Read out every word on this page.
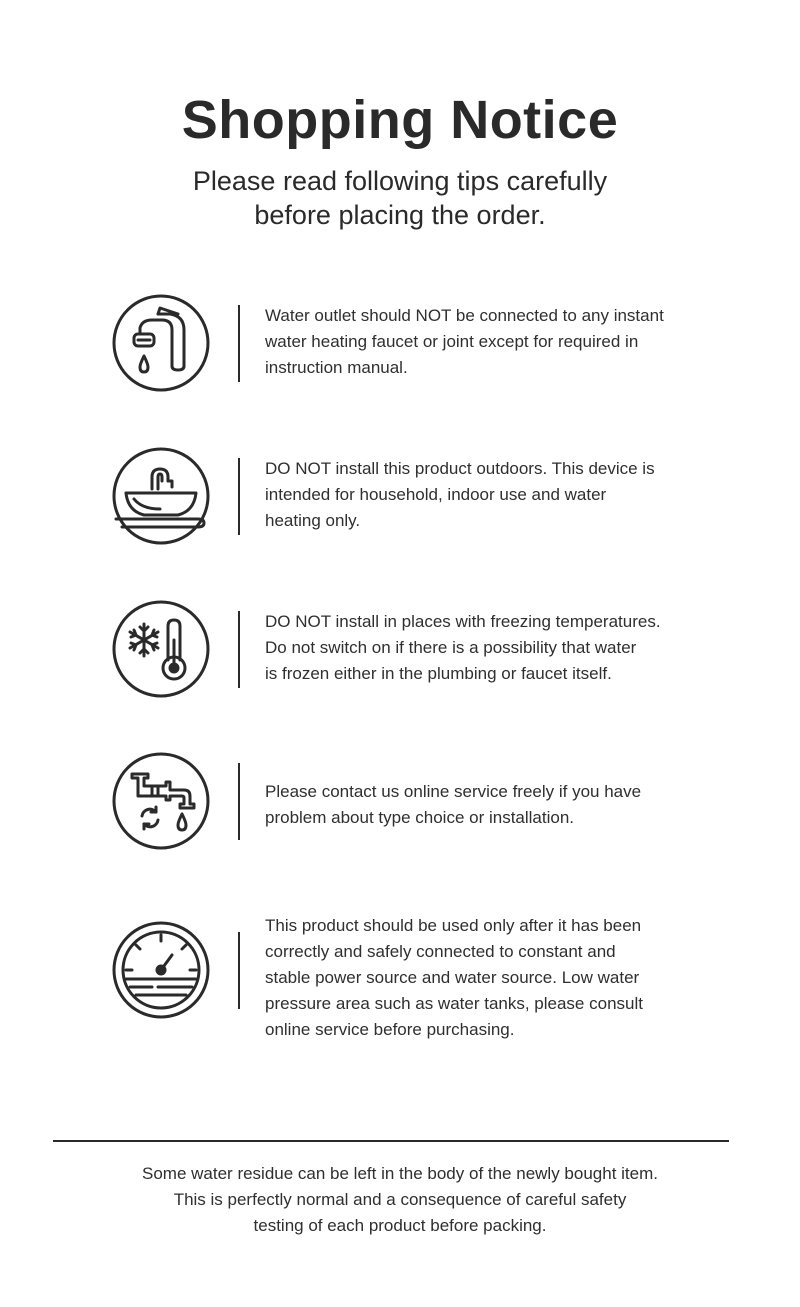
Shopping Notice
Please read following tips carefully
before placing the order.
Water outlet should NOT be connected to any instant
water heating faucet or joint except for required in
instruction manual.
DO NOT install this product outdoors. This device is
intended for household, indoor use and water
heating only.
DO NOT install in places with freezing temperatures.
Do not switch on if there is a possibility that water
is frozen either in the plumbing or faucet itself.
Please contact us online service freely if you have
problem about type choice or installation.
This product should be used only after it has been
correctly and safely connected to constant and
stable power source and water source. Low water
pressure area such as water tanks, please consult
online service before purchasing.
Some water residue can be left in the body of the newly bought item.
This is perfectly normal and a consequence of careful safety
testing of each product before packing.
